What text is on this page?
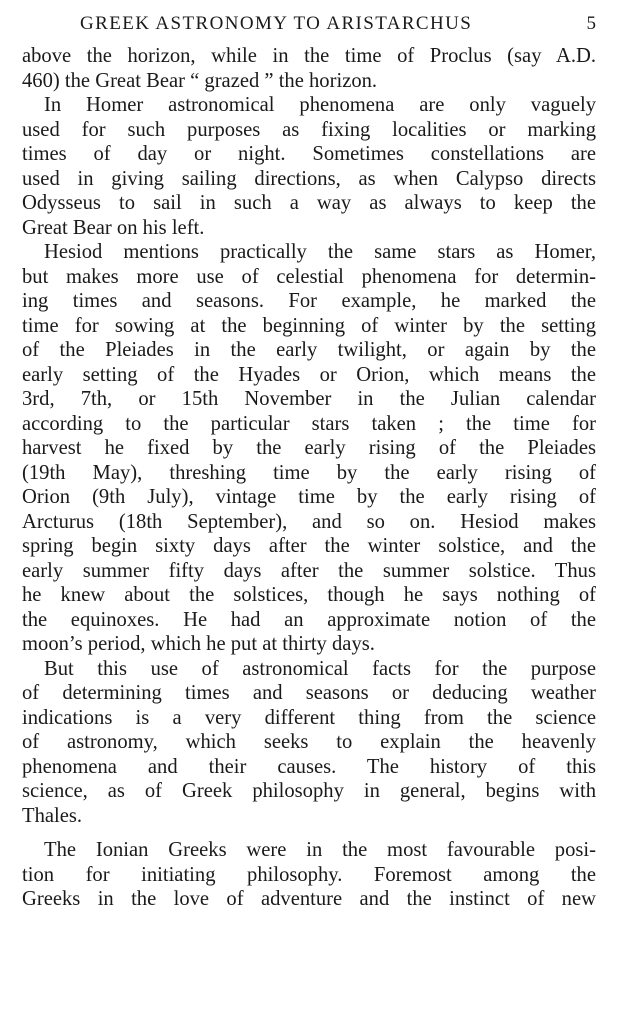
GREEK ASTRONOMY TO ARISTARCHUS	5
above the horizon, while in the time of Proclus (say A.D.
460) the Great Bear “ grazed ” the horizon.
In Homer astronomical phenomena are only vaguely
used for such purposes as fixing localities or marking
times of day or night. Sometimes constellations are
used in giving sailing directions, as when Calypso directs
Odysseus to sail in such a way as always to keep the
Great Bear on his left.
Hesiod mentions practically the same stars as Homer,
but makes more use of celestial phenomena for determin-
ing times and seasons. For example, he marked the
time for sowing at the beginning of winter by the setting
of the Pleiades in the early twilight, or again by the
early setting of the Hyades or Orion, which means the
3rd, 7th, or 15th November in the Julian calendar
according to the particular stars taken ; the time for
harvest he fixed by the early rising of the Pleiades
(19th May), threshing time by the early rising of
Orion (9th July), vintage time by the early rising of
Arcturus (18th September), and so on. Hesiod makes
spring begin sixty days after the winter solstice, and the
early summer fifty days after the summer solstice. Thus
he knew about the solstices, though he says nothing of
the equinoxes. He had an approximate notion of the
moon’s period, which he put at thirty days.
But this use of astronomical facts for the purpose
of determining times and seasons or deducing weather
indications is a very different thing from the science
of astronomy, which seeks to explain the heavenly
phenomena and their causes. The history of this
science, as of Greek philosophy in general, begins with
Thales.
The Ionian Greeks were in the most favourable posi-
tion for initiating philosophy. Foremost among the
Greeks in the love of adventure and the instinct of new
